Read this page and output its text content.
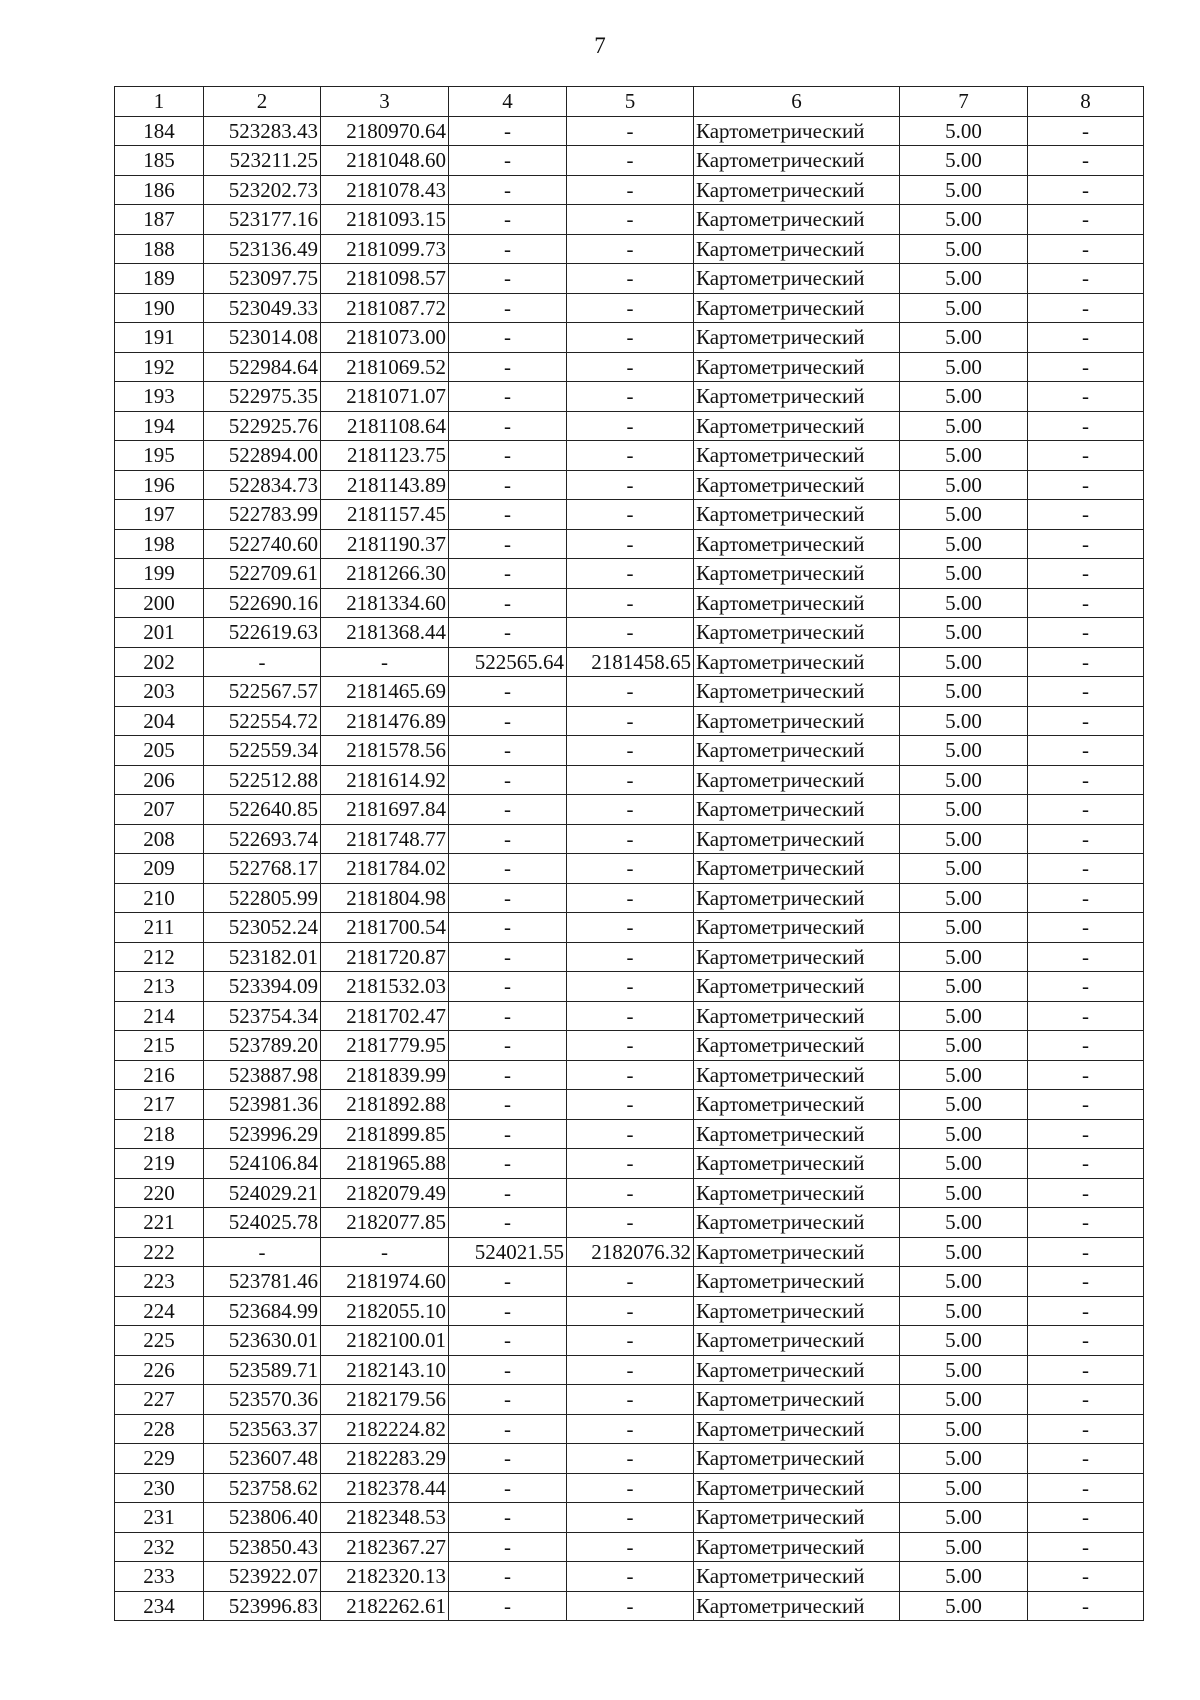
7
1	2	3	4	5	6	7	8
184	523283.43	2180970.64	-	-	Картометрический	5.00	-
185	523211.25	2181048.60	-	-	Картометрический	5.00	-
186	523202.73	2181078.43	-	-	Картометрический	5.00	-
187	523177.16	2181093.15	-	-	Картометрический	5.00	-
188	523136.49	2181099.73	-	-	Картометрический	5.00	-
189	523097.75	2181098.57	-	-	Картометрический	5.00	-
190	523049.33	2181087.72	-	-	Картометрический	5.00	-
191	523014.08	2181073.00	-	-	Картометрический	5.00	-
192	522984.64	2181069.52	-	-	Картометрический	5.00	-
193	522975.35	2181071.07	-	-	Картометрический	5.00	-
194	522925.76	2181108.64	-	-	Картометрический	5.00	-
195	522894.00	2181123.75	-	-	Картометрический	5.00	-
196	522834.73	2181143.89	-	-	Картометрический	5.00	-
197	522783.99	2181157.45	-	-	Картометрический	5.00	-
198	522740.60	2181190.37	-	-	Картометрический	5.00	-
199	522709.61	2181266.30	-	-	Картометрический	5.00	-
200	522690.16	2181334.60	-	-	Картометрический	5.00	-
201	522619.63	2181368.44	-	-	Картометрический	5.00	-
202	-	-	522565.64	2181458.65	Картометрический	5.00	-
203	522567.57	2181465.69	-	-	Картометрический	5.00	-
204	522554.72	2181476.89	-	-	Картометрический	5.00	-
205	522559.34	2181578.56	-	-	Картометрический	5.00	-
206	522512.88	2181614.92	-	-	Картометрический	5.00	-
207	522640.85	2181697.84	-	-	Картометрический	5.00	-
208	522693.74	2181748.77	-	-	Картометрический	5.00	-
209	522768.17	2181784.02	-	-	Картометрический	5.00	-
210	522805.99	2181804.98	-	-	Картометрический	5.00	-
211	523052.24	2181700.54	-	-	Картометрический	5.00	-
212	523182.01	2181720.87	-	-	Картометрический	5.00	-
213	523394.09	2181532.03	-	-	Картометрический	5.00	-
214	523754.34	2181702.47	-	-	Картометрический	5.00	-
215	523789.20	2181779.95	-	-	Картометрический	5.00	-
216	523887.98	2181839.99	-	-	Картометрический	5.00	-
217	523981.36	2181892.88	-	-	Картометрический	5.00	-
218	523996.29	2181899.85	-	-	Картометрический	5.00	-
219	524106.84	2181965.88	-	-	Картометрический	5.00	-
220	524029.21	2182079.49	-	-	Картометрический	5.00	-
221	524025.78	2182077.85	-	-	Картометрический	5.00	-
222	-	-	524021.55	2182076.32	Картометрический	5.00	-
223	523781.46	2181974.60	-	-	Картометрический	5.00	-
224	523684.99	2182055.10	-	-	Картометрический	5.00	-
225	523630.01	2182100.01	-	-	Картометрический	5.00	-
226	523589.71	2182143.10	-	-	Картометрический	5.00	-
227	523570.36	2182179.56	-	-	Картометрический	5.00	-
228	523563.37	2182224.82	-	-	Картометрический	5.00	-
229	523607.48	2182283.29	-	-	Картометрический	5.00	-
230	523758.62	2182378.44	-	-	Картометрический	5.00	-
231	523806.40	2182348.53	-	-	Картометрический	5.00	-
232	523850.43	2182367.27	-	-	Картометрический	5.00	-
233	523922.07	2182320.13	-	-	Картометрический	5.00	-
234	523996.83	2182262.61	-	-	Картометрический	5.00	-
